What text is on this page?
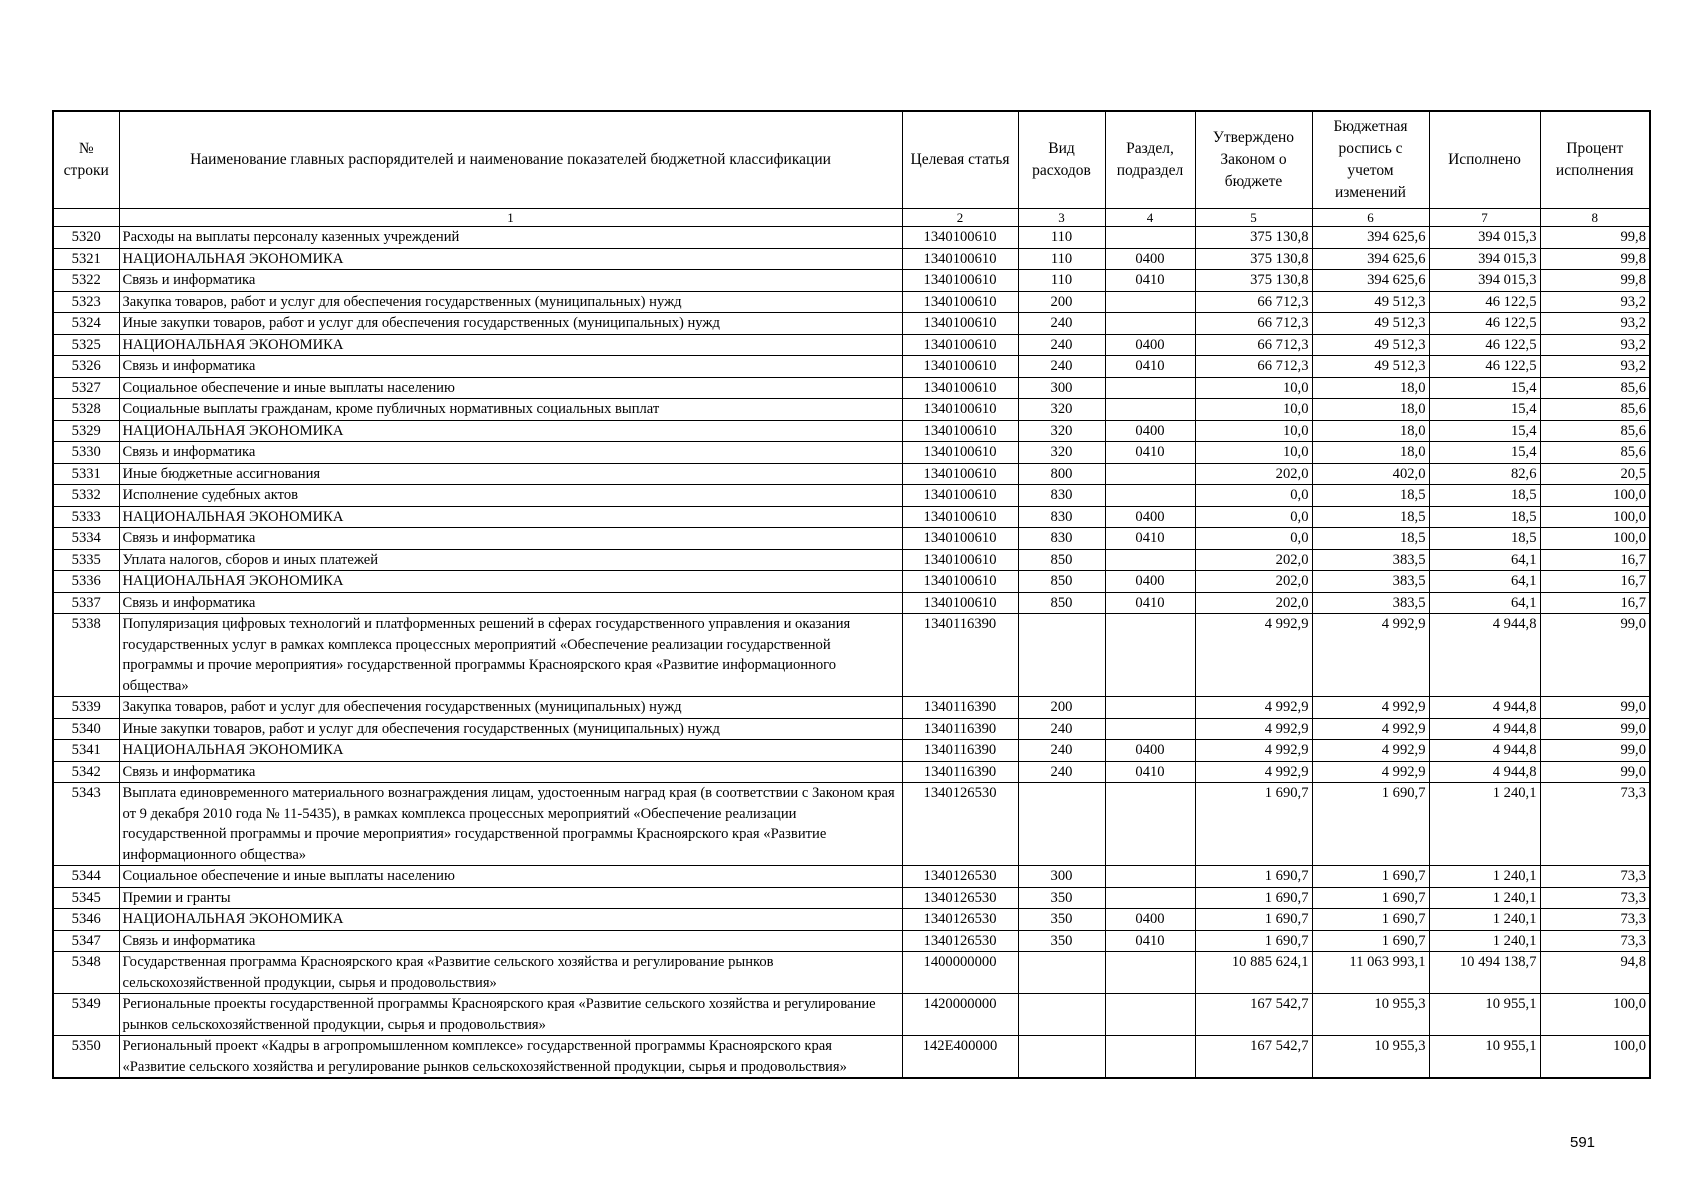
№ строки	Наименование главных распорядителей и наименование показателей бюджетной классификации	Целевая статья	Вид расходов	Раздел, подраздел	Утверждено Законом о бюджете	Бюджетная роспись с учетом изменений	Исполнено	Процент исполнения
	1	2	3	4	5	6	7	8
5320	Расходы на выплаты персоналу казенных учреждений	1340100610	110		375 130,8	394 625,6	394 015,3	99,8
5321	НАЦИОНАЛЬНАЯ ЭКОНОМИКА	1340100610	110	0400	375 130,8	394 625,6	394 015,3	99,8
5322	Связь и информатика	1340100610	110	0410	375 130,8	394 625,6	394 015,3	99,8
5323	Закупка товаров, работ и услуг для обеспечения государственных (муниципальных) нужд	1340100610	200		66 712,3	49 512,3	46 122,5	93,2
5324	Иные закупки товаров, работ и услуг для обеспечения государственных (муниципальных) нужд	1340100610	240		66 712,3	49 512,3	46 122,5	93,2
5325	НАЦИОНАЛЬНАЯ ЭКОНОМИКА	1340100610	240	0400	66 712,3	49 512,3	46 122,5	93,2
5326	Связь и информатика	1340100610	240	0410	66 712,3	49 512,3	46 122,5	93,2
5327	Социальное обеспечение и иные выплаты населению	1340100610	300		10,0	18,0	15,4	85,6
5328	Социальные выплаты гражданам, кроме публичных нормативных социальных выплат	1340100610	320		10,0	18,0	15,4	85,6
5329	НАЦИОНАЛЬНАЯ ЭКОНОМИКА	1340100610	320	0400	10,0	18,0	15,4	85,6
5330	Связь и информатика	1340100610	320	0410	10,0	18,0	15,4	85,6
5331	Иные бюджетные ассигнования	1340100610	800		202,0	402,0	82,6	20,5
5332	Исполнение судебных актов	1340100610	830		0,0	18,5	18,5	100,0
5333	НАЦИОНАЛЬНАЯ ЭКОНОМИКА	1340100610	830	0400	0,0	18,5	18,5	100,0
5334	Связь и информатика	1340100610	830	0410	0,0	18,5	18,5	100,0
5335	Уплата налогов, сборов и иных платежей	1340100610	850		202,0	383,5	64,1	16,7
5336	НАЦИОНАЛЬНАЯ ЭКОНОМИКА	1340100610	850	0400	202,0	383,5	64,1	16,7
5337	Связь и информатика	1340100610	850	0410	202,0	383,5	64,1	16,7
5338	Популяризация цифровых технологий и платформенных решений в сферах государственного управления и оказания государственных услуг в рамках комплекса процессных мероприятий «Обеспечение реализации государственной программы и прочие мероприятия» государственной программы Красноярского края «Развитие информационного общества»	1340116390			4 992,9	4 992,9	4 944,8	99,0
5339	Закупка товаров, работ и услуг для обеспечения государственных (муниципальных) нужд	1340116390	200		4 992,9	4 992,9	4 944,8	99,0
5340	Иные закупки товаров, работ и услуг для обеспечения государственных (муниципальных) нужд	1340116390	240		4 992,9	4 992,9	4 944,8	99,0
5341	НАЦИОНАЛЬНАЯ ЭКОНОМИКА	1340116390	240	0400	4 992,9	4 992,9	4 944,8	99,0
5342	Связь и информатика	1340116390	240	0410	4 992,9	4 992,9	4 944,8	99,0
5343	Выплата единовременного материального вознаграждения лицам, удостоенным наград края (в соответствии с Законом края от 9 декабря 2010 года № 11-5435), в рамках комплекса процессных мероприятий «Обеспечение реализации государственной программы и прочие мероприятия» государственной программы Красноярского края «Развитие информационного общества»	1340126530			1 690,7	1 690,7	1 240,1	73,3
5344	Социальное обеспечение и иные выплаты населению	1340126530	300		1 690,7	1 690,7	1 240,1	73,3
5345	Премии и гранты	1340126530	350		1 690,7	1 690,7	1 240,1	73,3
5346	НАЦИОНАЛЬНАЯ ЭКОНОМИКА	1340126530	350	0400	1 690,7	1 690,7	1 240,1	73,3
5347	Связь и информатика	1340126530	350	0410	1 690,7	1 690,7	1 240,1	73,3
5348	Государственная программа Красноярского края «Развитие сельского хозяйства и регулирование рынков сельскохозяйственной продукции, сырья и продовольствия»	1400000000			10 885 624,1	11 063 993,1	10 494 138,7	94,8
5349	Региональные проекты государственной программы Красноярского края «Развитие сельского хозяйства и регулирование рынков сельскохозяйственной продукции, сырья и продовольствия»	1420000000			167 542,7	10 955,3	10 955,1	100,0
5350	Региональный проект «Кадры в агропромышленном комплексе» государственной программы Красноярского края «Развитие сельского хозяйства и регулирование рынков сельскохозяйственной продукции, сырья и продовольствия»	142E400000			167 542,7	10 955,3	10 955,1	100,0
591
